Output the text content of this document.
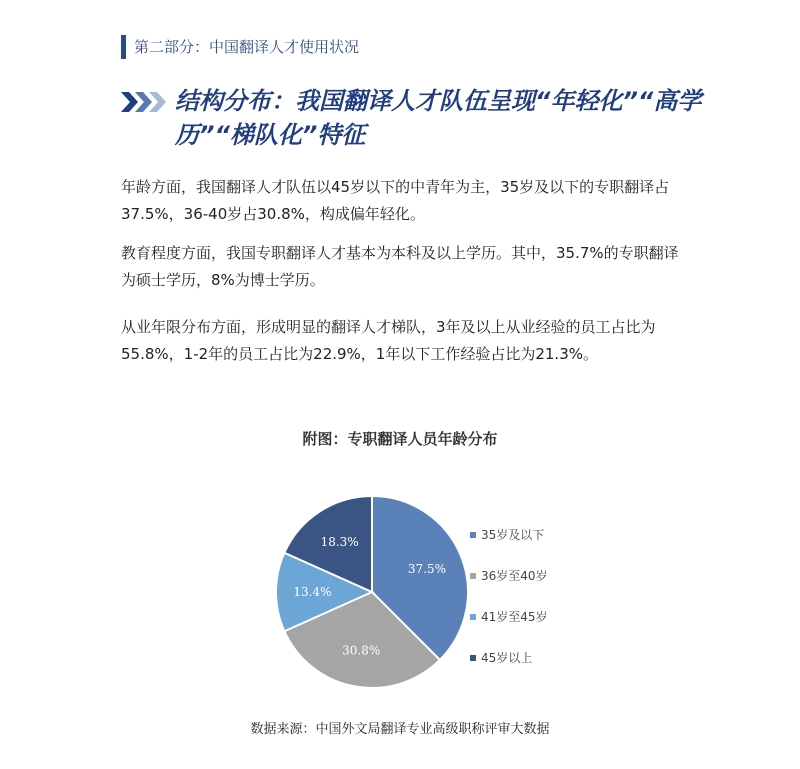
第二部分：中国翻译人才使用状况

结构分布：我国翻译人才队伍呈现“年轻化”“高学历”“梯队化”特征

年龄方面，我国翻译人才队伍以45岁以下的中青年为主，35岁及以下的专职翻译占37.5%，36-40岁占30.8%，构成偏年轻化。

教育程度方面，我国专职翻译人才基本为本科及以上学历。其中，35.7%的专职翻译为硕士学历，8%为博士学历。

从业年限分布方面，形成明显的翻译人才梯队，3年及以上从业经验的员工占比为55.8%，1-2年的员工占比为22.9%，1年以下工作经验占比为21.3%。

附图：专职翻译人员年龄分布
37.5%
30.8%
13.4%
18.3%
35岁及以下
36岁至40岁
41岁至45岁
45岁以上
数据来源：中国外文局翻译专业高级职称评审大数据
